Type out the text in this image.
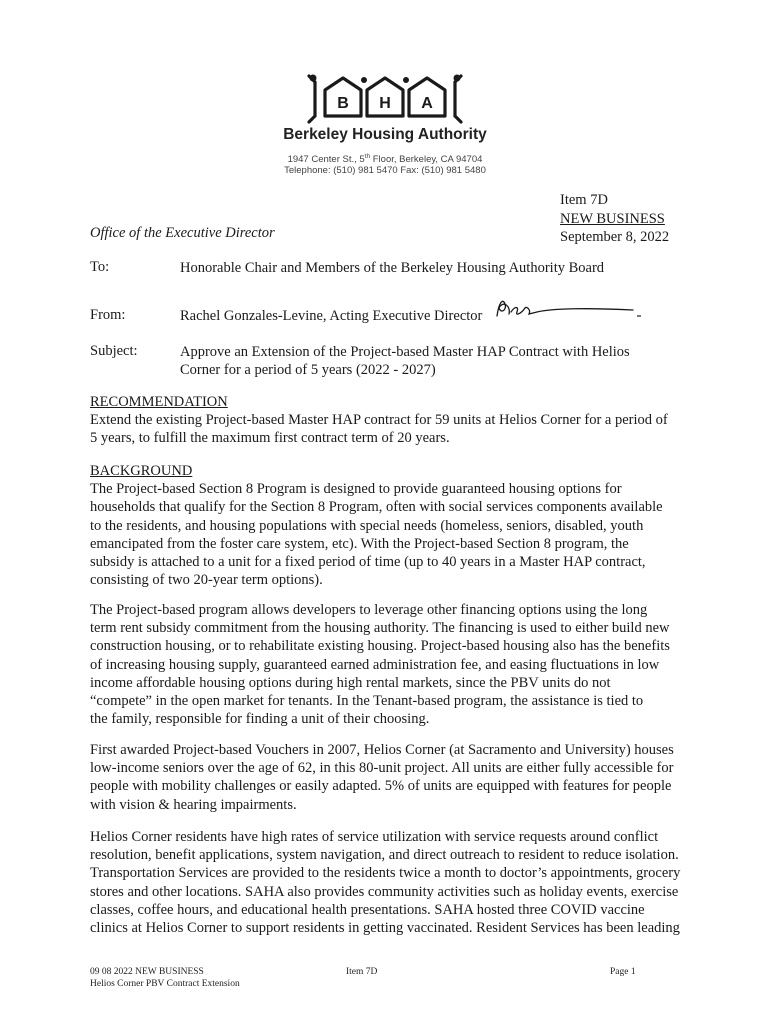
B H A
Berkeley Housing Authority
1947 Center St., 5th Floor, Berkeley, CA 94704
Telephone: (510) 981 5470 Fax: (510) 981 5480
Item 7D
NEW BUSINESS
September 8, 2022
Office of the Executive Director
To:	Honorable Chair and Members of the Berkeley Housing Authority Board
From:	Rachel Gonzales-Levine, Acting Executive Director
Subject:	Approve an Extension of the Project-based Master HAP Contract with Helios
Corner for a period of 5 years (2022 - 2027)

RECOMMENDATION

Extend the existing Project-based Master HAP contract for 59 units at Helios Corner for a period of

5 years, to fulfill the maximum first contract term of 20 years.

BACKGROUND

The Project-based Section 8 Program is designed to provide guaranteed housing options for

households that qualify for the Section 8 Program, often with social services components available

to the residents, and housing populations with special needs (homeless, seniors, disabled, youth

emancipated from the foster care system, etc). With the Project-based Section 8 program, the

subsidy is attached to a unit for a fixed period of time (up to 40 years in a Master HAP contract,

consisting of two 20-year term options).

The Project-based program allows developers to leverage other financing options using the long

term rent subsidy commitment from the housing authority. The financing is used to either build new

construction housing, or to rehabilitate existing housing. Project-based housing also has the benefits

of increasing housing supply, guaranteed earned administration fee, and easing fluctuations in low

income affordable housing options during high rental markets, since the PBV units do not

“compete” in the open market for tenants. In the Tenant-based program, the assistance is tied to

the family, responsible for finding a unit of their choosing.

First awarded Project-based Vouchers in 2007, Helios Corner (at Sacramento and University) houses

low-income seniors over the age of 62, in this 80-unit project. All units are either fully accessible for

people with mobility challenges or easily adapted. 5% of units are equipped with features for people

with vision & hearing impairments.

Helios Corner residents have high rates of service utilization with service requests around conflict

resolution, benefit applications, system navigation, and direct outreach to resident to reduce isolation.

Transportation Services are provided to the residents twice a month to doctor’s appointments, grocery

stores and other locations. SAHA also provides community activities such as holiday events, exercise

classes, coffee hours, and educational health presentations. SAHA hosted three COVID vaccine

clinics at Helios Corner to support residents in getting vaccinated. Resident Services has been leading

09 08 2022 NEW BUSINESS
Helios Corner PBV Contract Extension
Item 7D	Page 1
